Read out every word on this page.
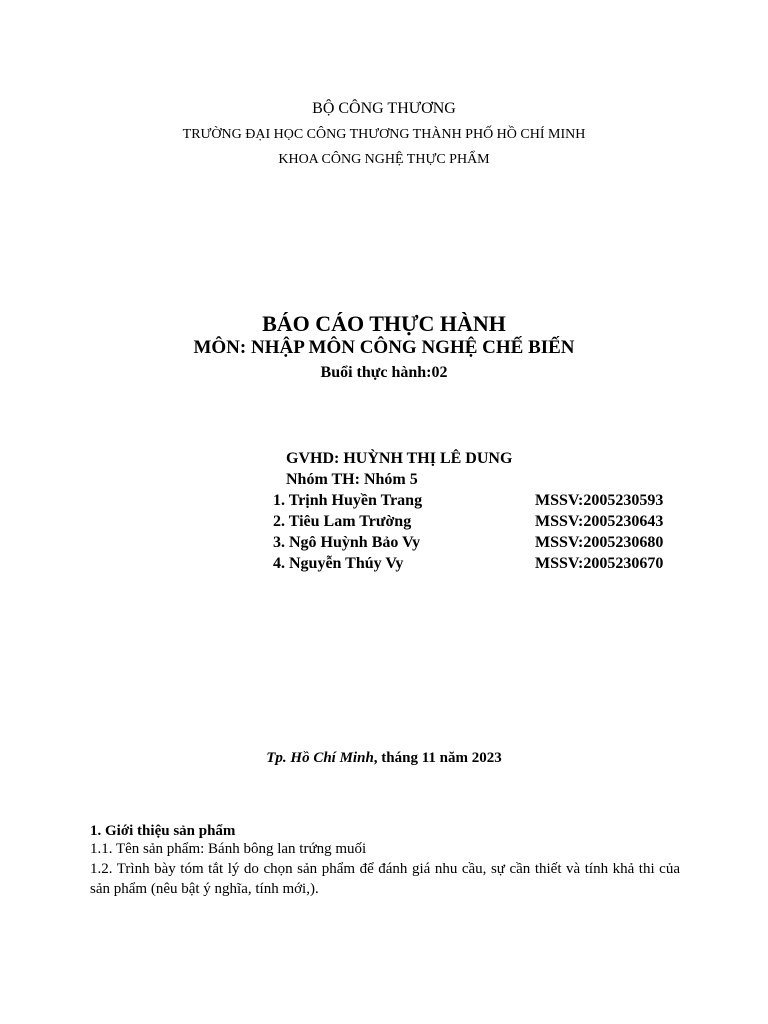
BỘ CÔNG THƯƠNG
TRƯỜNG ĐẠI HỌC CÔNG THƯƠNG THÀNH PHỐ HỒ CHÍ MINH
KHOA CÔNG NGHỆ THỰC PHẨM
BÁO CÁO THỰC HÀNH
MÔN: NHẬP MÔN CÔNG NGHỆ CHẾ BIẾN
Buổi thực hành:02
GVHD: HUỲNH THỊ LÊ DUNG
Nhóm TH: Nhóm 5
1. Trịnh Huyền Trang	MSSV:2005230593
2. Tiêu Lam Trường	MSSV:2005230643
3. Ngô Huỳnh Bảo Vy	MSSV:2005230680
4. Nguyễn Thúy Vy	MSSV:2005230670
Tp. Hồ Chí Minh, tháng 11 năm 2023
1. Giới thiệu sản phẩm
1.1. Tên sản phẩm: Bánh bông lan trứng muối
1.2. Trình bày tóm tắt lý do chọn sản phẩm để đánh giá nhu cầu, sự cần thiết và tính khả thi của sản phẩm (nêu bật ý nghĩa, tính mới,).
